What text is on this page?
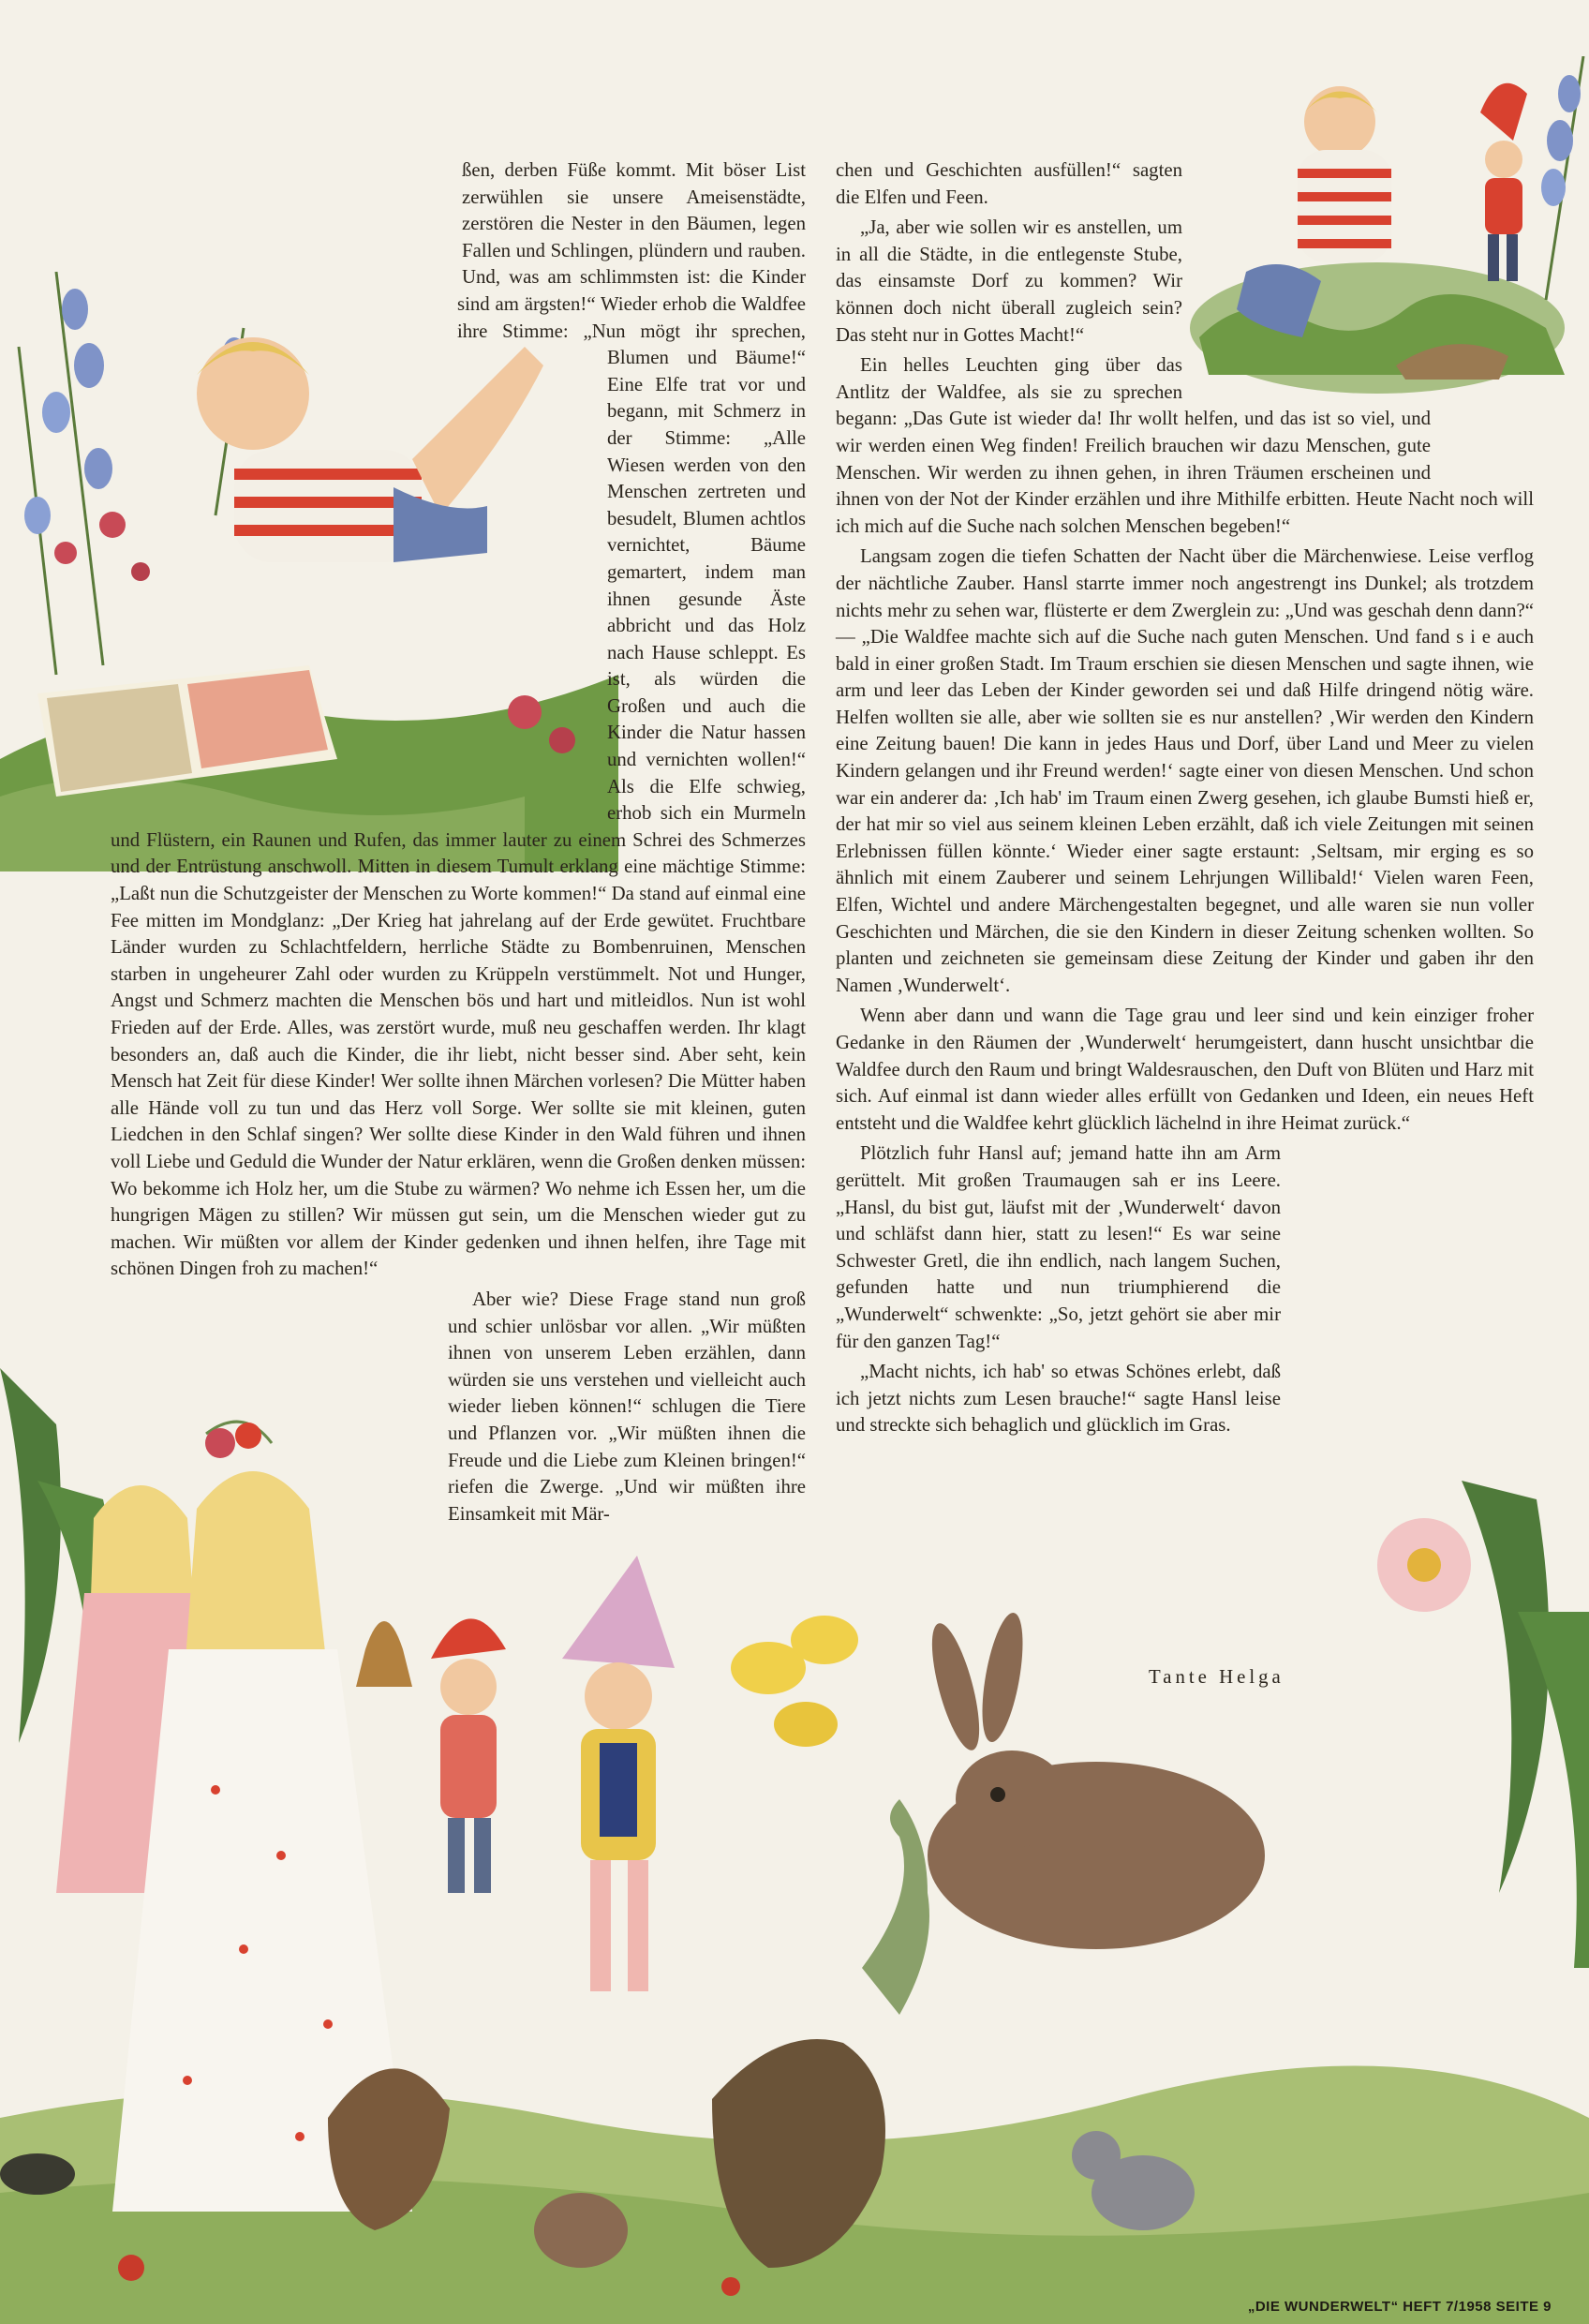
ßen, derben Füße kommt. Mit böser List zerwühlen sie unsere Ameisenstädte, zerstören die Nester in den Bäumen, legen Fallen und Schlingen, plündern und rauben. Und, was am schlimmsten ist: die Kinder sind am ärgsten!“ Wieder erhob die Waldfee ihre Stimme: „Nun mögt ihr sprechen, Blumen und Bäume!“ Eine Elfe trat vor und begann, mit Schmerz in der Stimme: „Alle Wiesen werden von den Menschen zertreten und besudelt, Blumen achtlos vernichtet, Bäume gemartert, indem man ihnen gesunde Äste abbricht und das Holz nach Hause schleppt. Es ist, als würden die Großen und auch die Kinder die Natur hassen und vernichten wollen!“ Als die Elfe schwieg, erhob sich ein Murmeln und Flüstern, ein Raunen und Rufen, das immer lauter zu einem Schrei des Schmerzes und der Entrüstung anschwoll. Mitten in diesem Tumult erklang eine mächtige Stimme: „Laßt nun die Schutzgeister der Menschen zu Worte kommen!“ Da stand auf einmal eine Fee mitten im Mondglanz: „Der Krieg hat jahrelang auf der Erde gewütet. Fruchtbare Länder wurden zu Schlachtfeldern, herrliche Städte zu Bombenruinen, Menschen starben in ungeheurer Zahl oder wurden zu Krüppeln verstümmelt. Not und Hunger, Angst und Schmerz machten die Menschen bös und hart und mitleidlos. Nun ist wohl Frieden auf der Erde. Alles, was zerstört wurde, muß neu geschaffen werden. Ihr klagt besonders an, daß auch die Kinder, die ihr liebt, nicht besser sind. Aber seht, kein Mensch hat Zeit für diese Kinder! Wer sollte ihnen Märchen vorlesen? Die Mütter haben alle Hände voll zu tun und das Herz voll Sorge. Wer sollte sie mit kleinen, guten Liedchen in den Schlaf singen? Wer sollte diese Kinder in den Wald führen und ihnen voll Liebe und Geduld die Wunder der Natur erklären, wenn die Großen denken müssen: Wo bekomme ich Holz her, um die Stube zu wärmen? Wo nehme ich Essen her, um die hungrigen Mägen zu stillen? Wir müssen gut sein, um die Menschen wieder gut zu machen. Wir müßten vor allem der Kinder gedenken und ihnen helfen, ihre Tage mit schönen Dingen froh zu machen!“

Aber wie? Diese Frage stand nun groß und schier unlösbar vor allen. „Wir müßten ihnen von unserem Leben erzählen, dann würden sie uns verstehen und vielleicht auch wieder lieben können!“ schlugen die Tiere und Pflanzen vor. „Wir müßten ihnen die Freude und die Liebe zum Kleinen bringen!“ riefen die Zwerge. „Und wir müßten ihre Einsamkeit mit Mär-

chen und Geschichten ausfüllen!“ sagten die Elfen und Feen.

„Ja, aber wie sollen wir es anstellen, um in all die Städte, in die entlegenste Stube, das einsamste Dorf zu kommen? Wir können doch nicht überall zugleich sein? Das steht nur in Gottes Macht!“

Ein helles Leuchten ging über das Antlitz der Waldfee, als sie zu sprechen begann: „Das Gute ist wieder da! Ihr wollt helfen, und das ist so viel, und wir werden einen Weg finden! Freilich brauchen wir dazu Menschen, gute Menschen. Wir werden zu ihnen gehen, in ihren Träumen erscheinen und ihnen von der Not der Kinder erzählen und ihre Mithilfe erbitten. Heute Nacht noch will ich mich auf die Suche nach solchen Menschen begeben!“

Langsam zogen die tiefen Schatten der Nacht über die Märchenwiese. Leise verflog der nächtliche Zauber. Hansl starrte immer noch angestrengt ins Dunkel; als trotzdem nichts mehr zu sehen war, flüsterte er dem Zwerglein zu: „Und was geschah denn dann?“ — „Die Waldfee machte sich auf die Suche nach guten Menschen. Und fand s i e auch bald in einer großen Stadt. Im Traum erschien sie diesen Menschen und sagte ihnen, wie arm und leer das Leben der Kinder geworden sei und daß Hilfe dringend nötig wäre. Helfen wollten sie alle, aber wie sollten sie es nur anstellen? ‚Wir werden den Kindern eine Zeitung bauen! Die kann in jedes Haus und Dorf, über Land und Meer zu vielen Kindern gelangen und ihr Freund werden!‘ sagte einer von diesen Menschen. Und schon war ein anderer da: ‚Ich hab' im Traum einen Zwerg gesehen, ich glaube Bumsti hieß er, der hat mir so viel aus seinem kleinen Leben erzählt, daß ich viele Zeitungen mit seinen Erlebnissen füllen könnte.‘ Wieder einer sagte erstaunt: ‚Seltsam, mir erging es so ähnlich mit einem Zauberer und seinem Lehrjungen Willibald!‘ Vielen waren Feen, Elfen, Wichtel und andere Märchengestalten begegnet, und alle waren sie nun voller Geschichten und Märchen, die sie den Kindern in dieser Zeitung schenken wollten. So planten und zeichneten sie gemeinsam diese Zeitung der Kinder und gaben ihr den Namen ‚Wunderwelt‘.

Wenn aber dann und wann die Tage grau und leer sind und kein einziger froher Gedanke in den Räumen der ‚Wunderwelt‘ herumgeistert, dann huscht unsichtbar die Waldfee durch den Raum und bringt Waldesrauschen, den Duft von Blüten und Harz mit sich. Auf einmal ist dann wieder alles erfüllt von Gedanken und Ideen, ein neues Heft entsteht und die Waldfee kehrt glücklich lächelnd in ihre Heimat zurück.“

Plötzlich fuhr Hansl auf; jemand hatte ihn am Arm gerüttelt. Mit großen Traumaugen sah er ins Leere. „Hansl, du bist gut, läufst mit der ‚Wunderwelt‘ davon und schläfst dann hier, statt zu lesen!“ Es war seine Schwester Gretl, die ihn endlich, nach langem Suchen, gefunden hatte und nun triumphierend die „Wunderwelt“ schwenkte: „So, jetzt gehört sie aber mir für den ganzen Tag!“

„Macht nichts, ich hab' so etwas Schönes erlebt, daß ich jetzt nichts zum Lesen brauche!“ sagte Hansl leise und streckte sich behaglich und glücklich im Gras.

Tante Helga
„DIE WUNDERWELT“ HEFT 7/1958 SEITE 9
